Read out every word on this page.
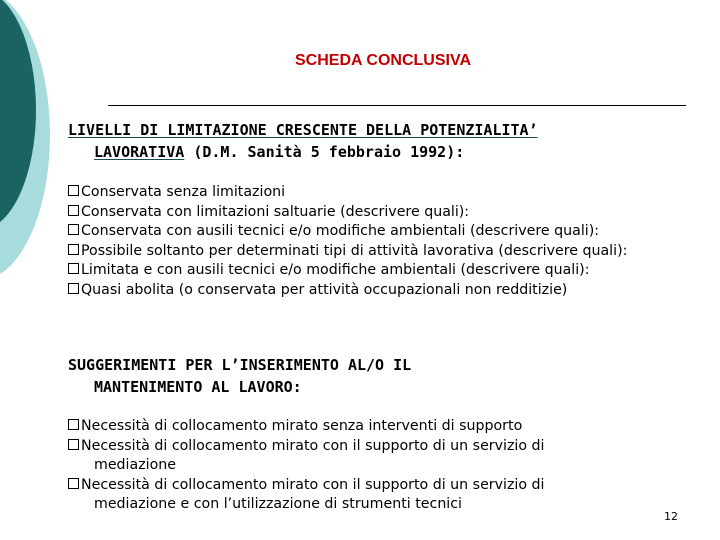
SCHEDA CONCLUSIVA
LIVELLI DI LIMITAZIONE CRESCENTE DELLA POTENZIALITA’
LAVORATIVA (D.M. Sanità 5 febbraio 1992):
Conservata senza limitazioni
Conservata con limitazioni saltuarie (descrivere quali):
Conservata con ausili tecnici e/o modifiche ambientali (descrivere quali):
Possibile soltanto per determinati tipi di attività lavorativa (descrivere quali):
Limitata e con ausili tecnici e/o modifiche ambientali (descrivere quali):
Quasi abolita (o conservata per attività occupazionali non redditizie)
SUGGERIMENTI PER L’INSERIMENTO AL/O IL
MANTENIMENTO AL LAVORO:
Necessità di collocamento mirato senza interventi di supporto
Necessità di collocamento mirato con il supporto di un servizio di mediazione
Necessità di collocamento mirato con il supporto di un servizio di mediazione e con l’utilizzazione di strumenti tecnici
12
